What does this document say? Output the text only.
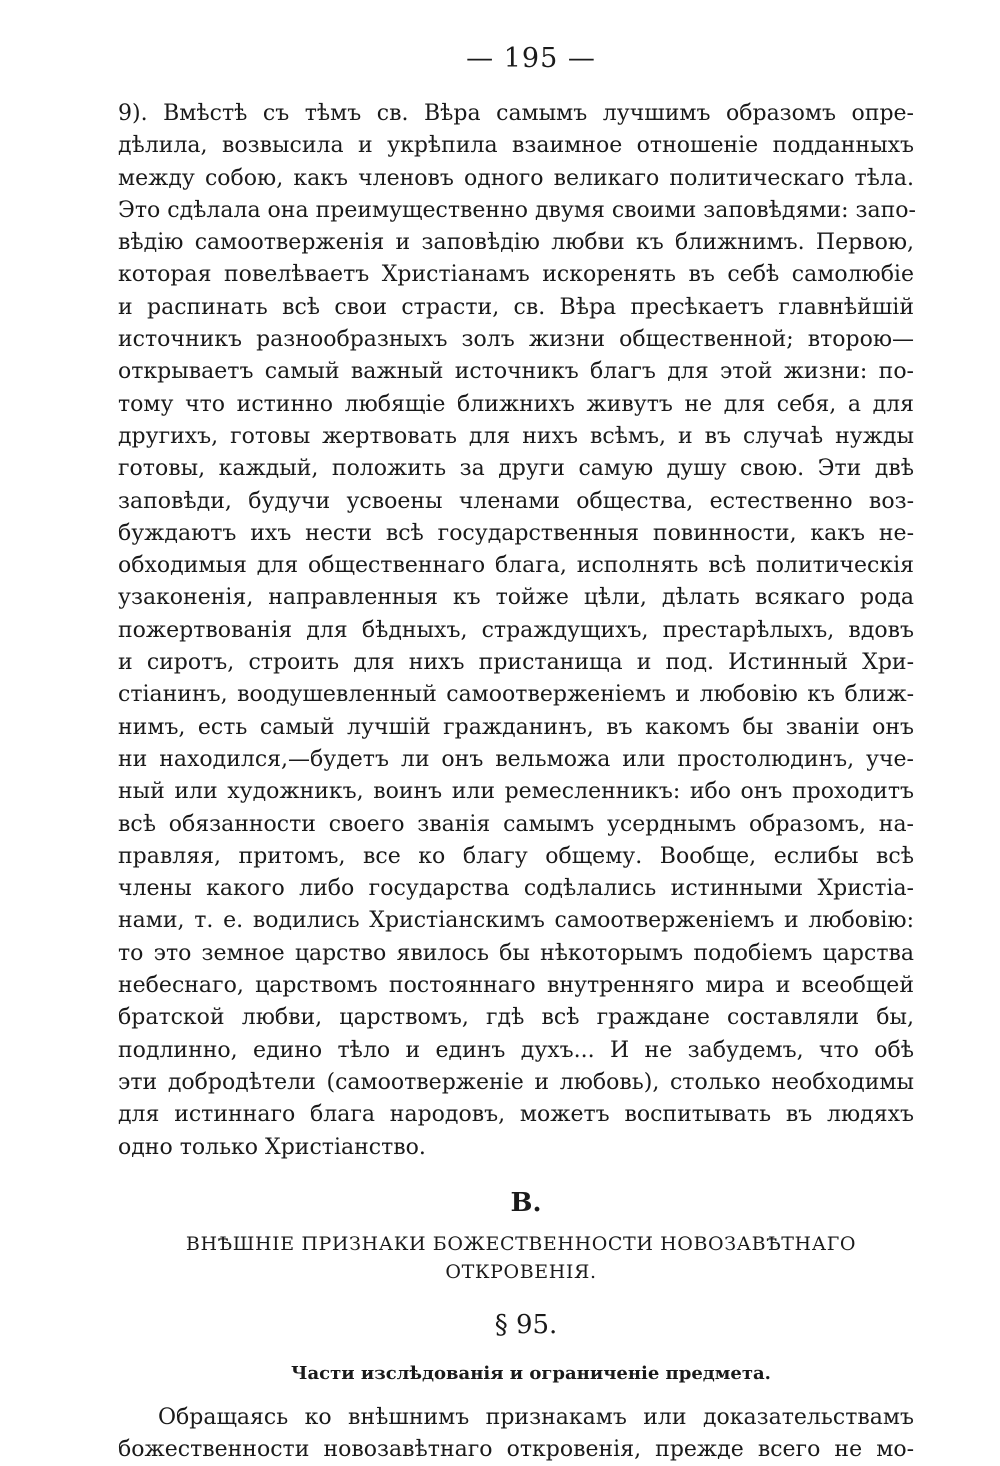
— 195 —
9). Вмѣстѣ съ тѣмъ св. Вѣра самымъ лучшимъ образомъ опре-
дѣлила, возвысила и укрѣпила взаимное отношеніе подданныхъ
между собою, какъ членовъ одного великаго политическаго тѣла.
Это сдѣлала она преимущественно двумя своими заповѣдями: запо-
вѣдію самоотверженія и заповѣдію любви къ ближнимъ. Первою,
которая повелѣваетъ Христіанамъ искоренять въ себѣ самолюбіе
и распинать всѣ свои страсти, св. Вѣра пресѣкаетъ главнѣйшій
источникъ разнообразныхъ золъ жизни общественной; второю—
открываетъ самый важный источникъ благъ для этой жизни: по-
тому что истинно любящіе ближнихъ живутъ не для себя, а для
другихъ, готовы жертвовать для нихъ всѣмъ, и въ случаѣ нужды
готовы, каждый, положить за други самую душу свою. Эти двѣ
заповѣди, будучи усвоены членами общества, естественно воз-
буждаютъ ихъ нести всѣ государственныя повинности, какъ не-
обходимыя для общественнаго блага, исполнять всѣ политическія
узаконенія, направленныя къ тойже цѣли, дѣлать всякаго рода
пожертвованія для бѣдныхъ, страждущихъ, престарѣлыхъ, вдовъ
и сиротъ, строить для нихъ пристанища и под. Истинный Хри-
стіанинъ, воодушевленный самоотверженіемъ и любовію къ ближ-
нимъ, есть самый лучшій гражданинъ, въ какомъ бы званіи онъ
ни находился,—будетъ ли онъ вельможа или простолюдинъ, уче-
ный или художникъ, воинъ или ремесленникъ: ибо онъ проходитъ
всѣ обязанности своего званія самымъ усерднымъ образомъ, на-
правляя, притомъ, все ко благу общему. Вообще, еслибы всѣ
члены какого либо государства содѣлались истинными Христіа-
нами, т. е. водились Христіанскимъ самоотверженіемъ и любовію:
то это земное царство явилось бы нѣкоторымъ подобіемъ царства
небеснаго, царствомъ постояннаго внутренняго мира и всеобщей
братской любви, царствомъ, гдѣ всѣ граждане составляли бы,
подлинно, едино тѣло и единъ духъ... И не забудемъ, что обѣ
эти добродѣтели (самоотверженіе и любовь), столько необходимы
для истиннаго блага народовъ, можетъ воспитывать въ людяхъ
одно только Христіанство.
В.
ВНѢШНІЕ ПРИЗНАКИ БОЖЕСТВЕННОСТИ НОВОЗАВѢТНАГО
ОТКРОВЕНІЯ.
§ 95.
Части изслѣдованія и ограниченіе предмета.
Обращаясь ко внѣшнимъ признакамъ или доказательствамъ
божественности новозавѣтнаго откровенія, прежде всего не мо-
